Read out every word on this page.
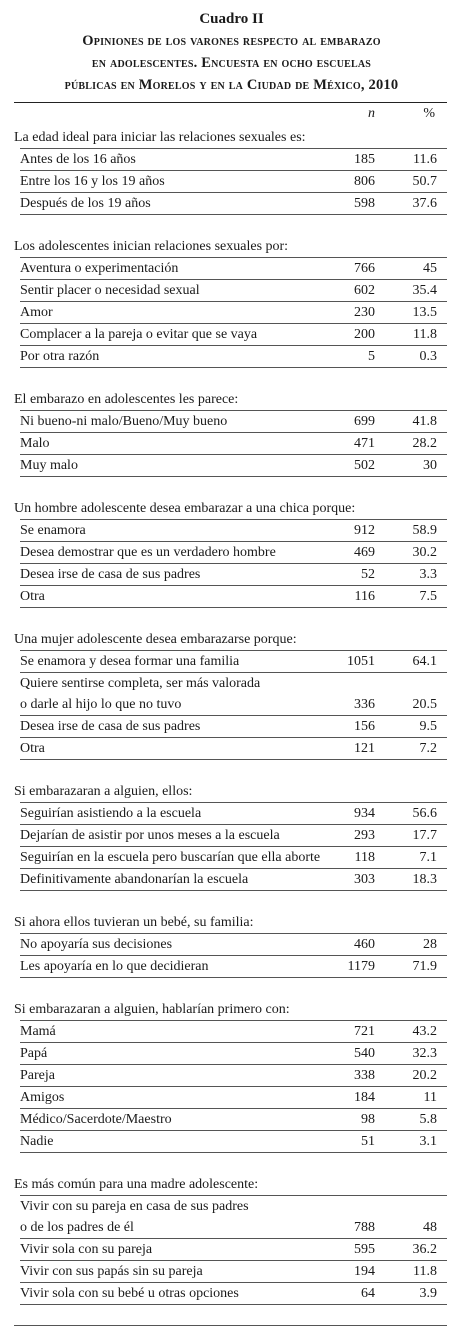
Cuadro II
Opiniones de los varones respecto al embarazo
en adolescentes. Encuesta en ocho escuelas
públicas en Morelos y en la Ciudad de México, 2010
n	%
La edad ideal para iniciar las relaciones sexuales es:
Antes de los 16 años	185	11.6
Entre los 16 y los 19 años	806	50.7
Después de los 19 años	598	37.6
Los adolescentes inician relaciones sexuales por:
Aventura o experimentación	766	45
Sentir placer o necesidad sexual	602	35.4
Amor	230	13.5
Complacer a la pareja o evitar que se vaya	200	11.8
Por otra razón	5	0.3
El embarazo en adolescentes les parece:
Ni bueno-ni malo/Bueno/Muy bueno	699	41.8
Malo	471	28.2
Muy malo	502	30
Un hombre adolescente desea embarazar a una chica porque:
Se enamora	912	58.9
Desea demostrar que es un verdadero hombre	469	30.2
Desea irse de casa de sus padres	52	3.3
Otra	116	7.5
Una mujer adolescente desea embarazarse porque:
Se enamora y desea formar una familia	1051	64.1
Quiere sentirse completa, ser más valorada
o darle al hijo lo que no tuvo	336	20.5
Desea irse de casa de sus padres	156	9.5
Otra	121	7.2
Si embarazaran a alguien, ellos:
Seguirían asistiendo a la escuela	934	56.6
Dejarían de asistir por unos meses a la escuela	293	17.7
Seguirían en la escuela pero buscarían que ella aborte	118	7.1
Definitivamente abandonarían la escuela	303	18.3
Si ahora ellos tuvieran un bebé, su familia:
No apoyaría sus decisiones	460	28
Les apoyaría en lo que decidieran	1179	71.9
Si embarazaran a alguien, hablarían primero con:
Mamá	721	43.2
Papá	540	32.3
Pareja	338	20.2
Amigos	184	11
Médico/Sacerdote/Maestro	98	5.8
Nadie	51	3.1
Es más común para una madre adolescente:
Vivir con su pareja en casa de sus padres
o de los padres de él	788	48
Vivir sola con su pareja	595	36.2
Vivir con sus papás sin su pareja	194	11.8
Vivir sola con su bebé u otras opciones	64	3.9
